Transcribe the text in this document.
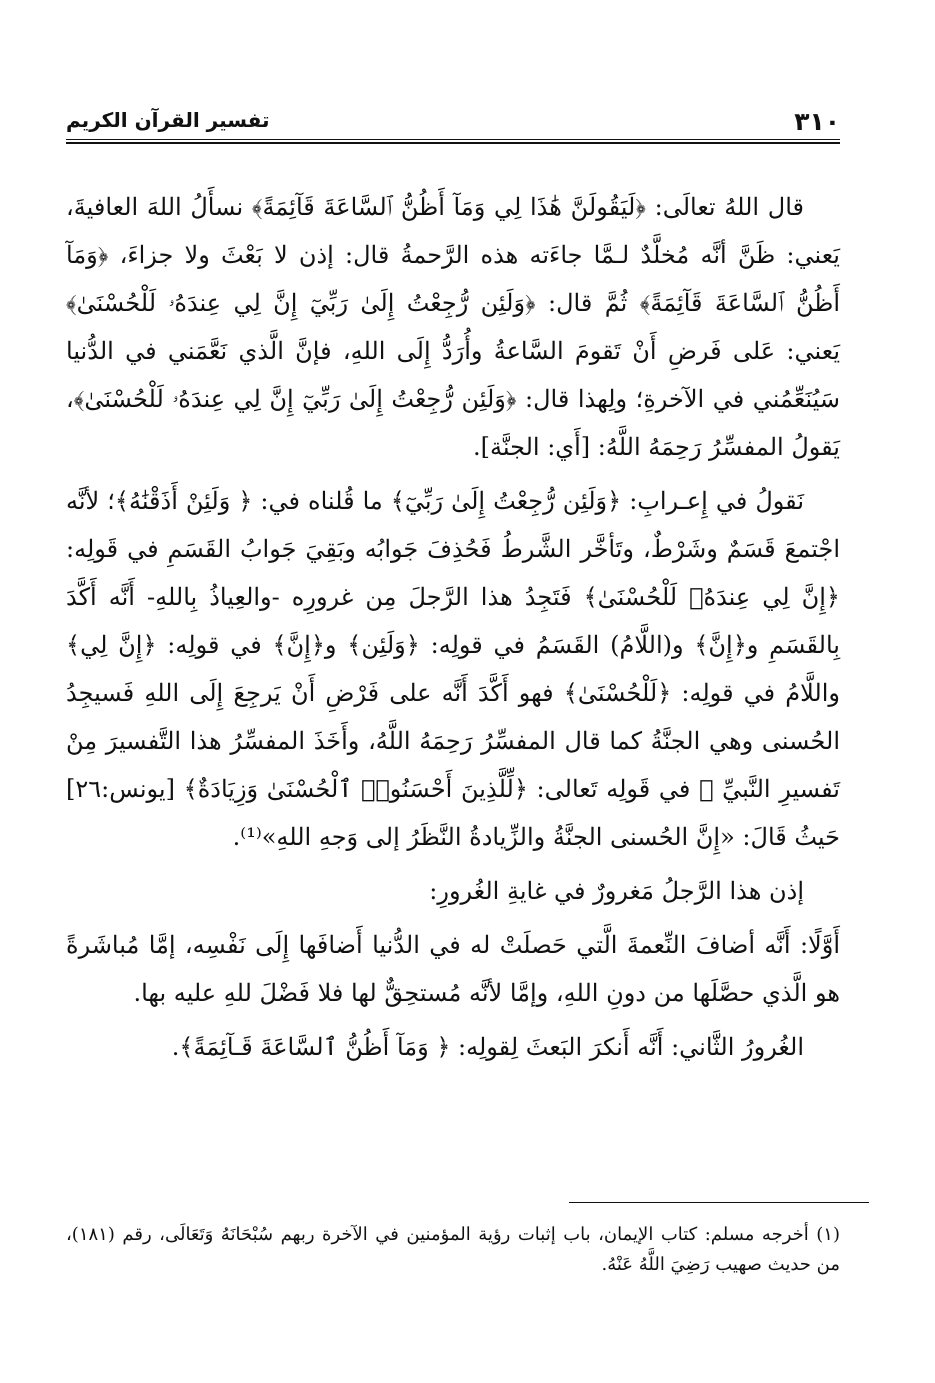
٣١٠
تفسير القرآن الكريم

قال اللهُ تعالَى: ﴿لَيَقُولَنَّ هَٰذَا لِي وَمَآ أَظُنُّ ٱلسَّاعَةَ قَآئِمَةً﴾ نسأَلُ اللهَ العافيةَ، يَعني: ظَنَّ أنَّه مُخلَّدٌ لـمَّا جاءَته هذه الرَّحمةُ قال: إذن لا بَعْثَ ولا جزاءَ، ﴿وَمَآ أَظُنُّ ٱلسَّاعَةَ قَآئِمَةً﴾ ثُمَّ قال: ﴿وَلَئِن رُّجِعْتُ إِلَىٰ رَبِّيٓ إِنَّ لِي عِندَهُۥ لَلْحُسْنَىٰ﴾ يَعني: عَلى فَرضِ أَنْ تَقومَ السَّاعةُ وأُرَدُّ إِلَى اللهِ، فإنَّ الَّذي نَعَّمَني في الدُّنيا سَيُنَعِّمُني في الآخرةِ؛ ولِهذا قال: ﴿وَلَئِن رُّجِعْتُ إِلَىٰ رَبِّيٓ إِنَّ لِي عِندَهُۥ لَلْحُسْنَىٰ﴾، يَقولُ المفسِّرُ رَحِمَهُ اللَّهُ: [أَي: الجنَّة].

نَقولُ في إِعـرابِ: ﴿وَلَئِن رُّجِعْتُ إِلَىٰ رَبِّيٓ﴾ ما قُلناه في: ﴿ وَلَئِنْ أَذَقْنَٰهُ﴾؛ لأنَّه اجْتمعَ قَسَمٌ وشَرْطٌ، وتَأخَّر الشَّرطُ فَحُذِفَ جَوابُه وبَقِيَ جَوابُ القَسَمِ في قَولِه: ﴿إِنَّ لِي عِندَهُۥ لَلْحُسْنَىٰ﴾ فَتَجِدُ هذا الرَّجلَ مِن غرورِه -والعِياذُ بِاللهِ- أَنَّه أَكَّدَ بِالقَسَمِ و﴿إِنَّ﴾ و(اللَّامُ) القَسَمُ في قولِه: ﴿وَلَئِن﴾ و﴿إِنَّ﴾ في قولِه: ﴿إِنَّ لِي﴾ واللَّامُ في قولِه: ﴿لَلْحُسْنَىٰ﴾ فهو أَكَّدَ أَنَّه على فَرْضِ أَنْ يَرجِعَ إِلَى اللهِ فَسيجِدُ الحُسنى وهي الجنَّةُ كما قال المفسِّرُ رَحِمَهُ اللَّهُ، وأَخَذَ المفسِّرُ هذا التَّفسيرَ مِنْ تَفسيرِ النَّبيِّ ﷺ في قَولِه تَعالى: ﴿لِّلَّذِينَ أَحْسَنُوا۟ ٱلْحُسْنَىٰ وَزِيَادَةٌ﴾ [يونس:٢٦] حَيثُ قَالَ: «إِنَّ الحُسنى الجنَّةُ والزِّيادةُ النَّظَرُ إلى وَجهِ اللهِ»⁽¹⁾.

إذن هذا الرَّجلُ مَغرورٌ في غايةِ الغُرورِ:

أَوَّلًا: أَنَّه أضافَ النِّعمةَ الَّتي حَصلَتْ له في الدُّنيا أَضافَها إِلَى نَفْسِه، إمَّا مُباشَرةً هو الَّذي حصَّلَها من دونِ اللهِ، وإمَّا لأنَّه مُستحِقٌّ لها فلا فَضْلَ للهِ عليه بها.

الغُرورُ الثَّاني: أَنَّه أَنكرَ البَعثَ لِقولِه: ﴿ وَمَآ أَظُنُّ ٱلسَّاعَةَ قَـآئِمَةً﴾.

(١) أخرجه مسلم: كتاب الإيمان، باب إثبات رؤية المؤمنين في الآخرة ربهم سُبْحَانَهُ وَتَعَالَى، رقم (١٨١)، من حديث صهيب رَضِيَ اللَّهُ عَنْهُ.
